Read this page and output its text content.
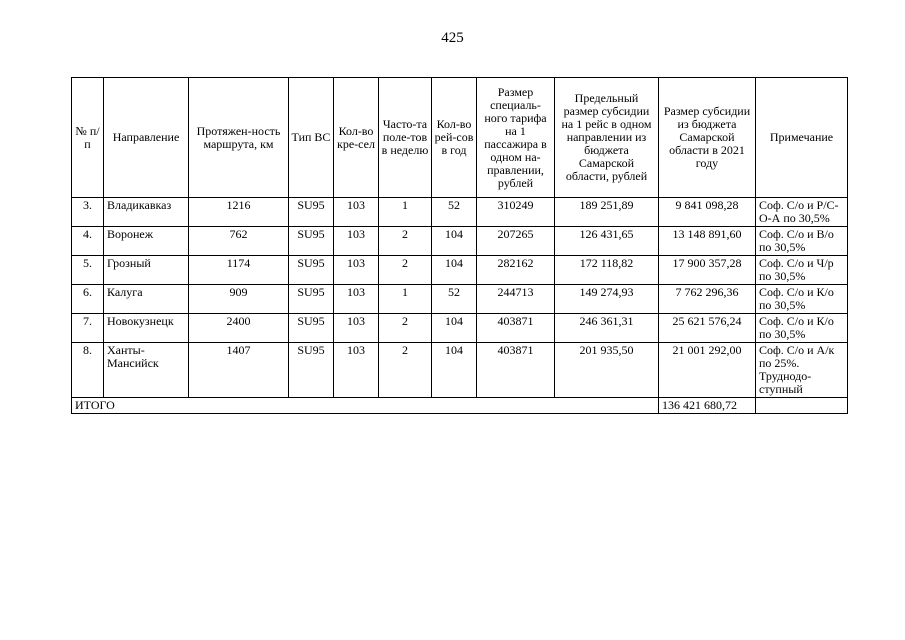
425
№ п/п	Направление	Протяжен-ность маршрута, км	Тип ВС	Кол-во кре-сел	Часто-та поле-тов в неделю	Кол-во рей-сов в год	Размер специаль-ного тарифа на 1 пассажира в одном на-правлении, рублей	Предельный размер субсидии на 1 рейс в одном направлении из бюджета Самарской области, рублей	Размер субсидии из бюджета Самарской области в 2021 году	Примечание
3.	Владикавказ	1216	SU95	103	1	52	310249	189 251,89	9 841 098,28	Соф. С/о и Р/С-О-А по 30,5%
4.	Воронеж	762	SU95	103	2	104	207265	126 431,65	13 148 891,60	Соф. С/о и В/о по 30,5%
5.	Грозный	1174	SU95	103	2	104	282162	172 118,82	17 900 357,28	Соф. С/о и Ч/р по 30,5%
6.	Калуга	909	SU95	103	1	52	244713	149 274,93	7 762 296,36	Соф. С/о и К/о по 30,5%
7.	Новокузнецк	2400	SU95	103	2	104	403871	246 361,31	25 621 576,24	Соф. С/о и К/о по 30,5%
8.	Ханты-Мансийск	1407	SU95	103	2	104	403871	201 935,50	21 001 292,00	Соф. С/о и А/к по 25%. Труднодо-ступный
ИТОГО									136 421 680,72	
